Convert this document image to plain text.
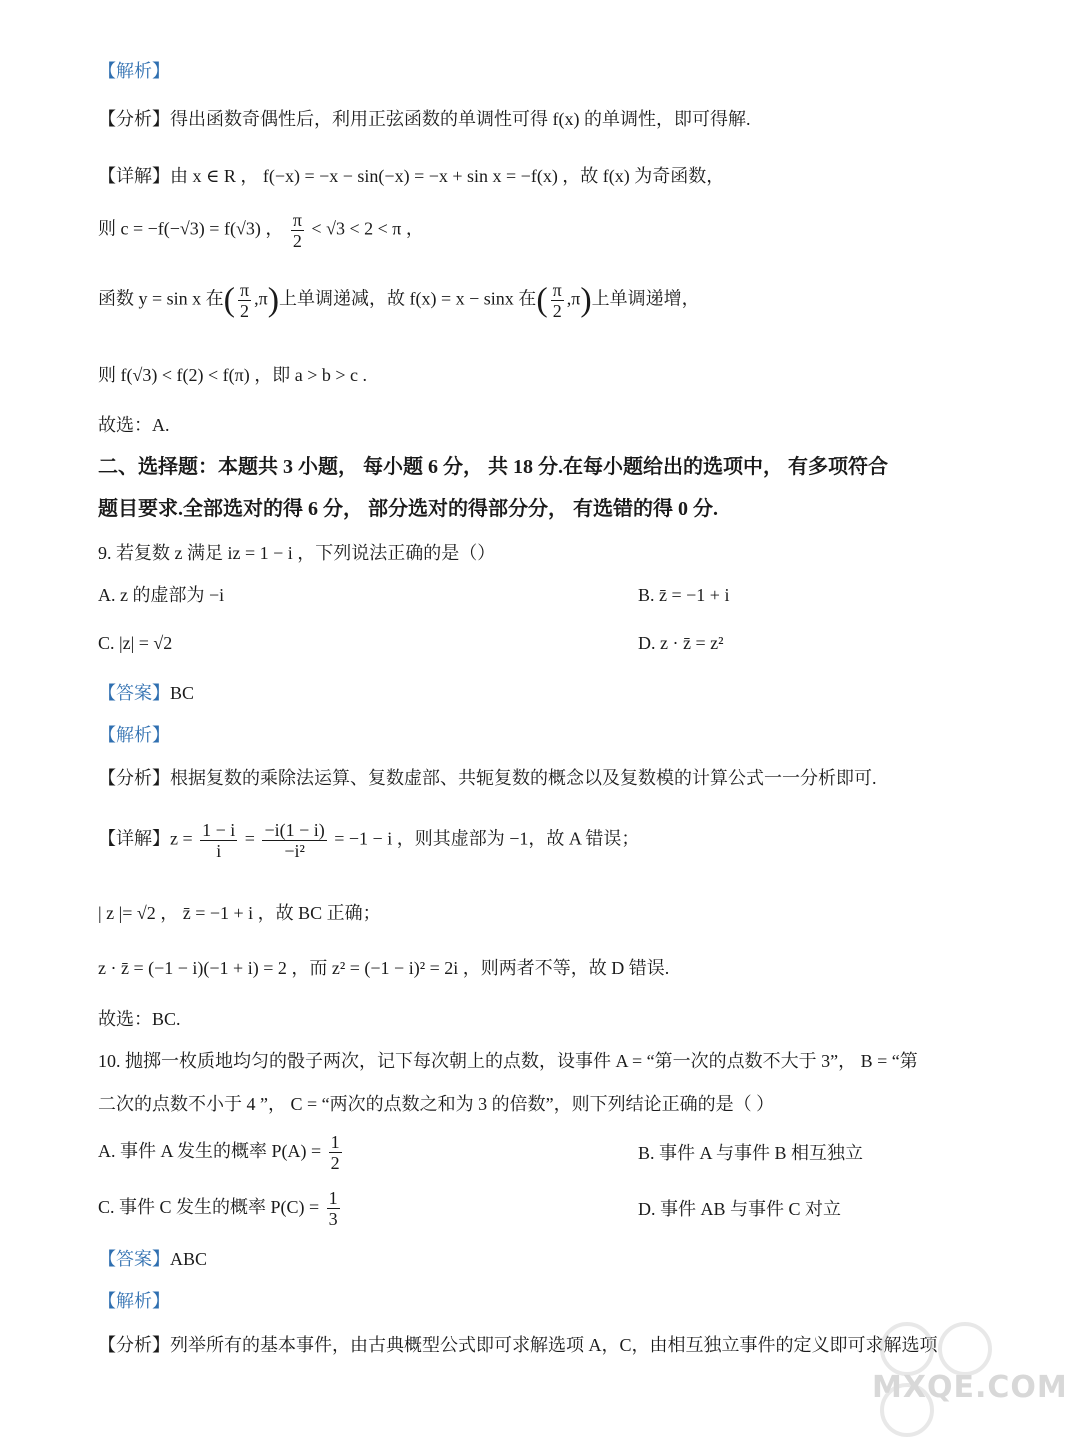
【解析】
【分析】得出函数奇偶性后，利用正弦函数的单调性可得 f(x) 的单调性，即可得解.
【详解】由 x ∈ R ， f(−x) = −x − sin(−x) = −x + sin x = −f(x) ，故 f(x) 为奇函数，
则 c = −f(−√3) = f(√3) ， $\frac{\pi}{2} < √3 < 2 < \pi$ ，
函数 y = sin x 在( $\frac{\pi}{2} ,\pi$)上单调递减，故 f(x) = x − sinx 在( $\frac{\pi}{2} ,\pi$)上单调递增，
则 f(√3) < f(2) < f(π) ，即 a > b > c .
故选：A.
二、选择题：本题共 3 小题， 每小题 6 分， 共 18 分.在每小题给出的选项中， 有多项符合
题目要求.全部选对的得 6 分， 部分选对的得部分分， 有选错的得 0 分.
9. 若复数 z 满足 iz = 1 − i ，下列说法正确的是（）
A. z 的虚部为 −i	B. z̄ = −1 + i
C. |z| = √2	D. z · z̄ = z²
【答案】BC
【解析】
【分析】根据复数的乘除法运算、复数虚部、共轭复数的概念以及复数模的计算公式一一分析即可.
【详解】$z = \frac{1 - i}{i} = \frac{-i(1 - i)}{\text{−i²}} = -1 - i$ ，则其虚部为 −1，故 A 错误；
| z |= √2 ， z̄ = −1 + i ，故 BC 正确；
z · z̄ = (−1 − i)(−1 + i) = 2 ，而 z² = (−1 − i)² = 2i ，则两者不等，故 D 错误.
故选：BC.
10. 抛掷一枚质地均匀的骰子两次，记下每次朝上的点数，设事件 A = “第一次的点数不大于 3”， B = “第
二次的点数不小于 4 ”， C = “两次的点数之和为 3 的倍数”，则下列结论正确的是（ ）
A. 事件 A 发生的概率 $P(A) = \frac{1}{2}$	B. 事件 A 与事件 B 相互独立
C. 事件 C 发生的概率 $P(C) = \frac{1}{3}$	D. 事件 AB 与事件 C 对立
【答案】ABC
【解析】
【分析】列举所有的基本事件，由古典概型公式即可求解选项 A，C，由相互独立事件的定义即可求解选项
MXQE.COM
